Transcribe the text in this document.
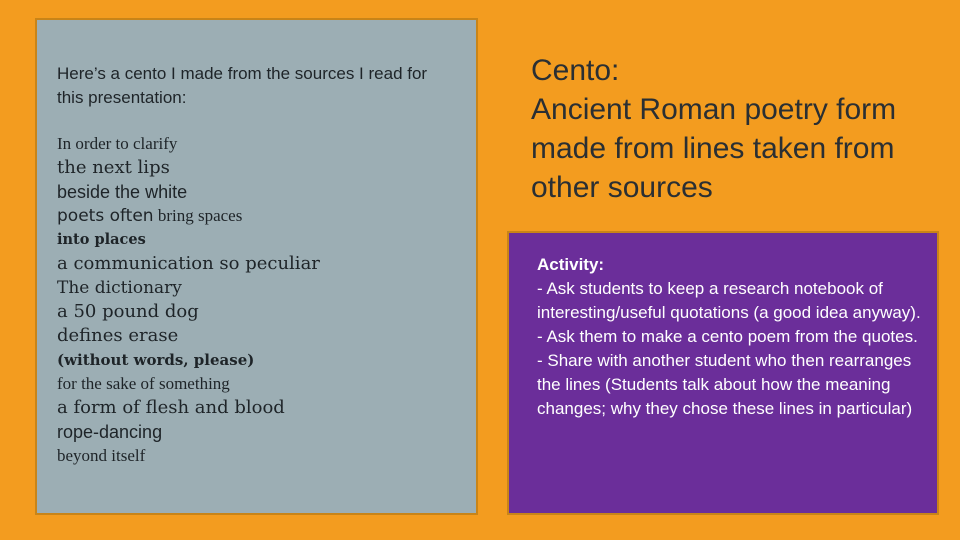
Here’s a cento I made from the sources I read for this presentation:

In order to clarify
the next lips
beside the white
poets often bring spaces
into places
a communication so peculiar
The dictionary
a 50 pound dog
defines erase
(without words, please)
for the sake of something
a form of flesh and blood
rope-dancing
beyond itself
Cento:
Ancient Roman poetry form made from lines taken from other sources

Activity:
- Ask students to keep a research notebook of interesting/useful quotations (a good idea anyway).
- Ask them to make a cento poem from the quotes.
- Share with another student who then rearranges the lines (Students talk about how the meaning changes; why they chose these lines in particular)
